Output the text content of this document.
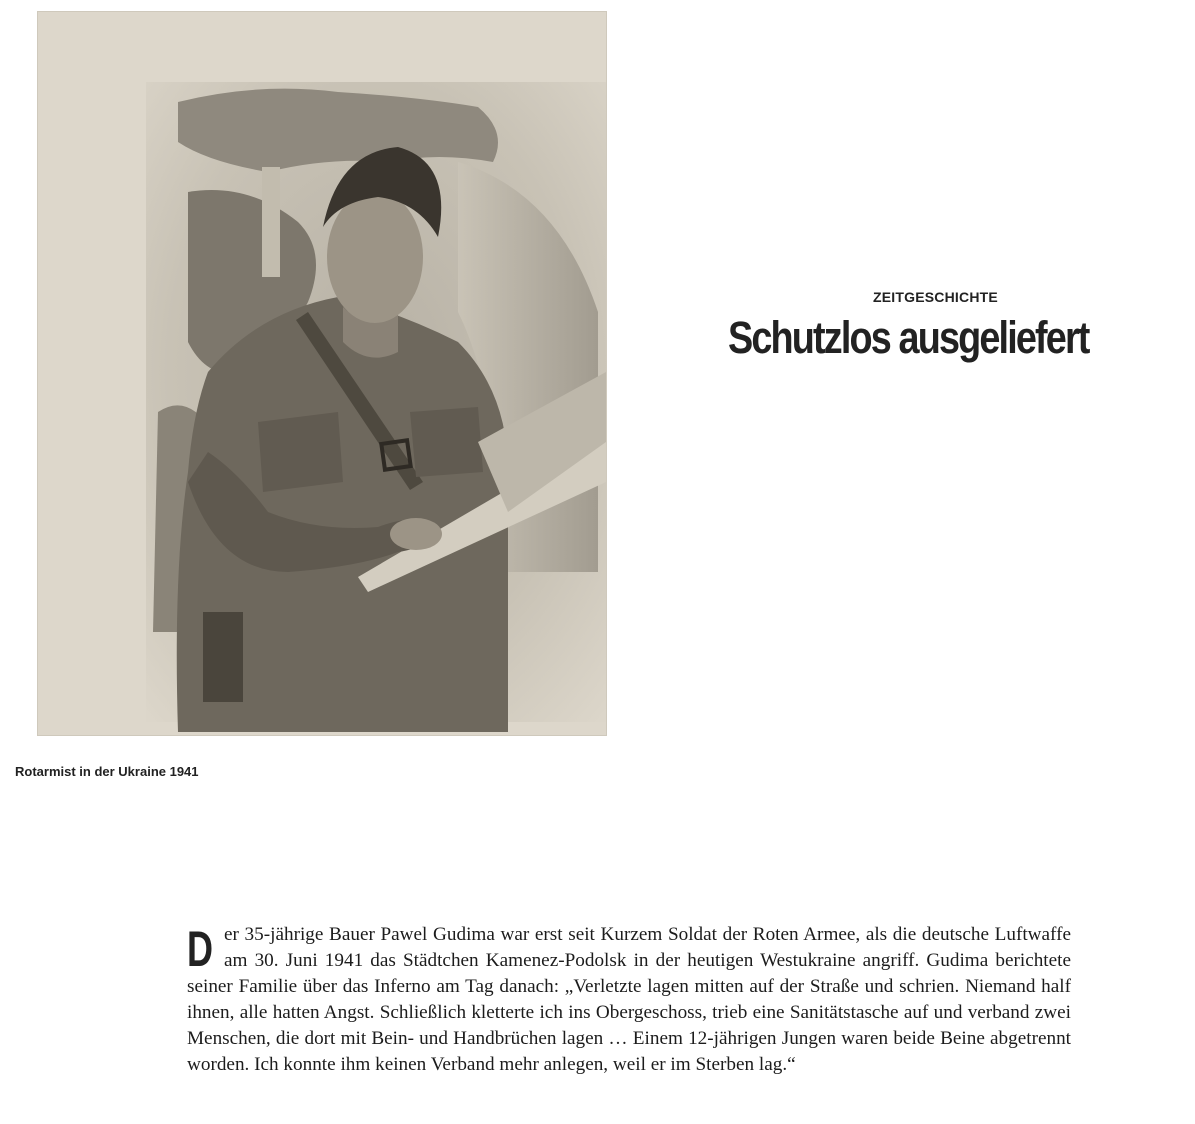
Rotarmist in der Ukraine 1941
ZEITGESCHICHTE
Schutzlos ausgeliefert

D er 35-jährige Bauer Pawel Gudima war erst seit Kurzem Soldat der Roten Armee, als die deutsche Luftwaffe am 30. Juni 1941 das Städtchen Kamenez-Podolsk in der heutigen Westukraine angriff. Gudima berichtete seiner Familie über das Inferno am Tag danach: „Verletzte lagen mitten auf der Straße und schrien. Niemand half ihnen, alle hatten Angst. Schließlich kletterte ich ins Obergeschoss, trieb eine Sanitätstasche auf und verband zwei Menschen, die dort mit Bein- und Handbrüchen lagen … Einem 12-jährigen Jungen waren beide Beine abgetrennt worden. Ich konnte ihm keinen Verband mehr anlegen, weil er im Sterben lag.“
